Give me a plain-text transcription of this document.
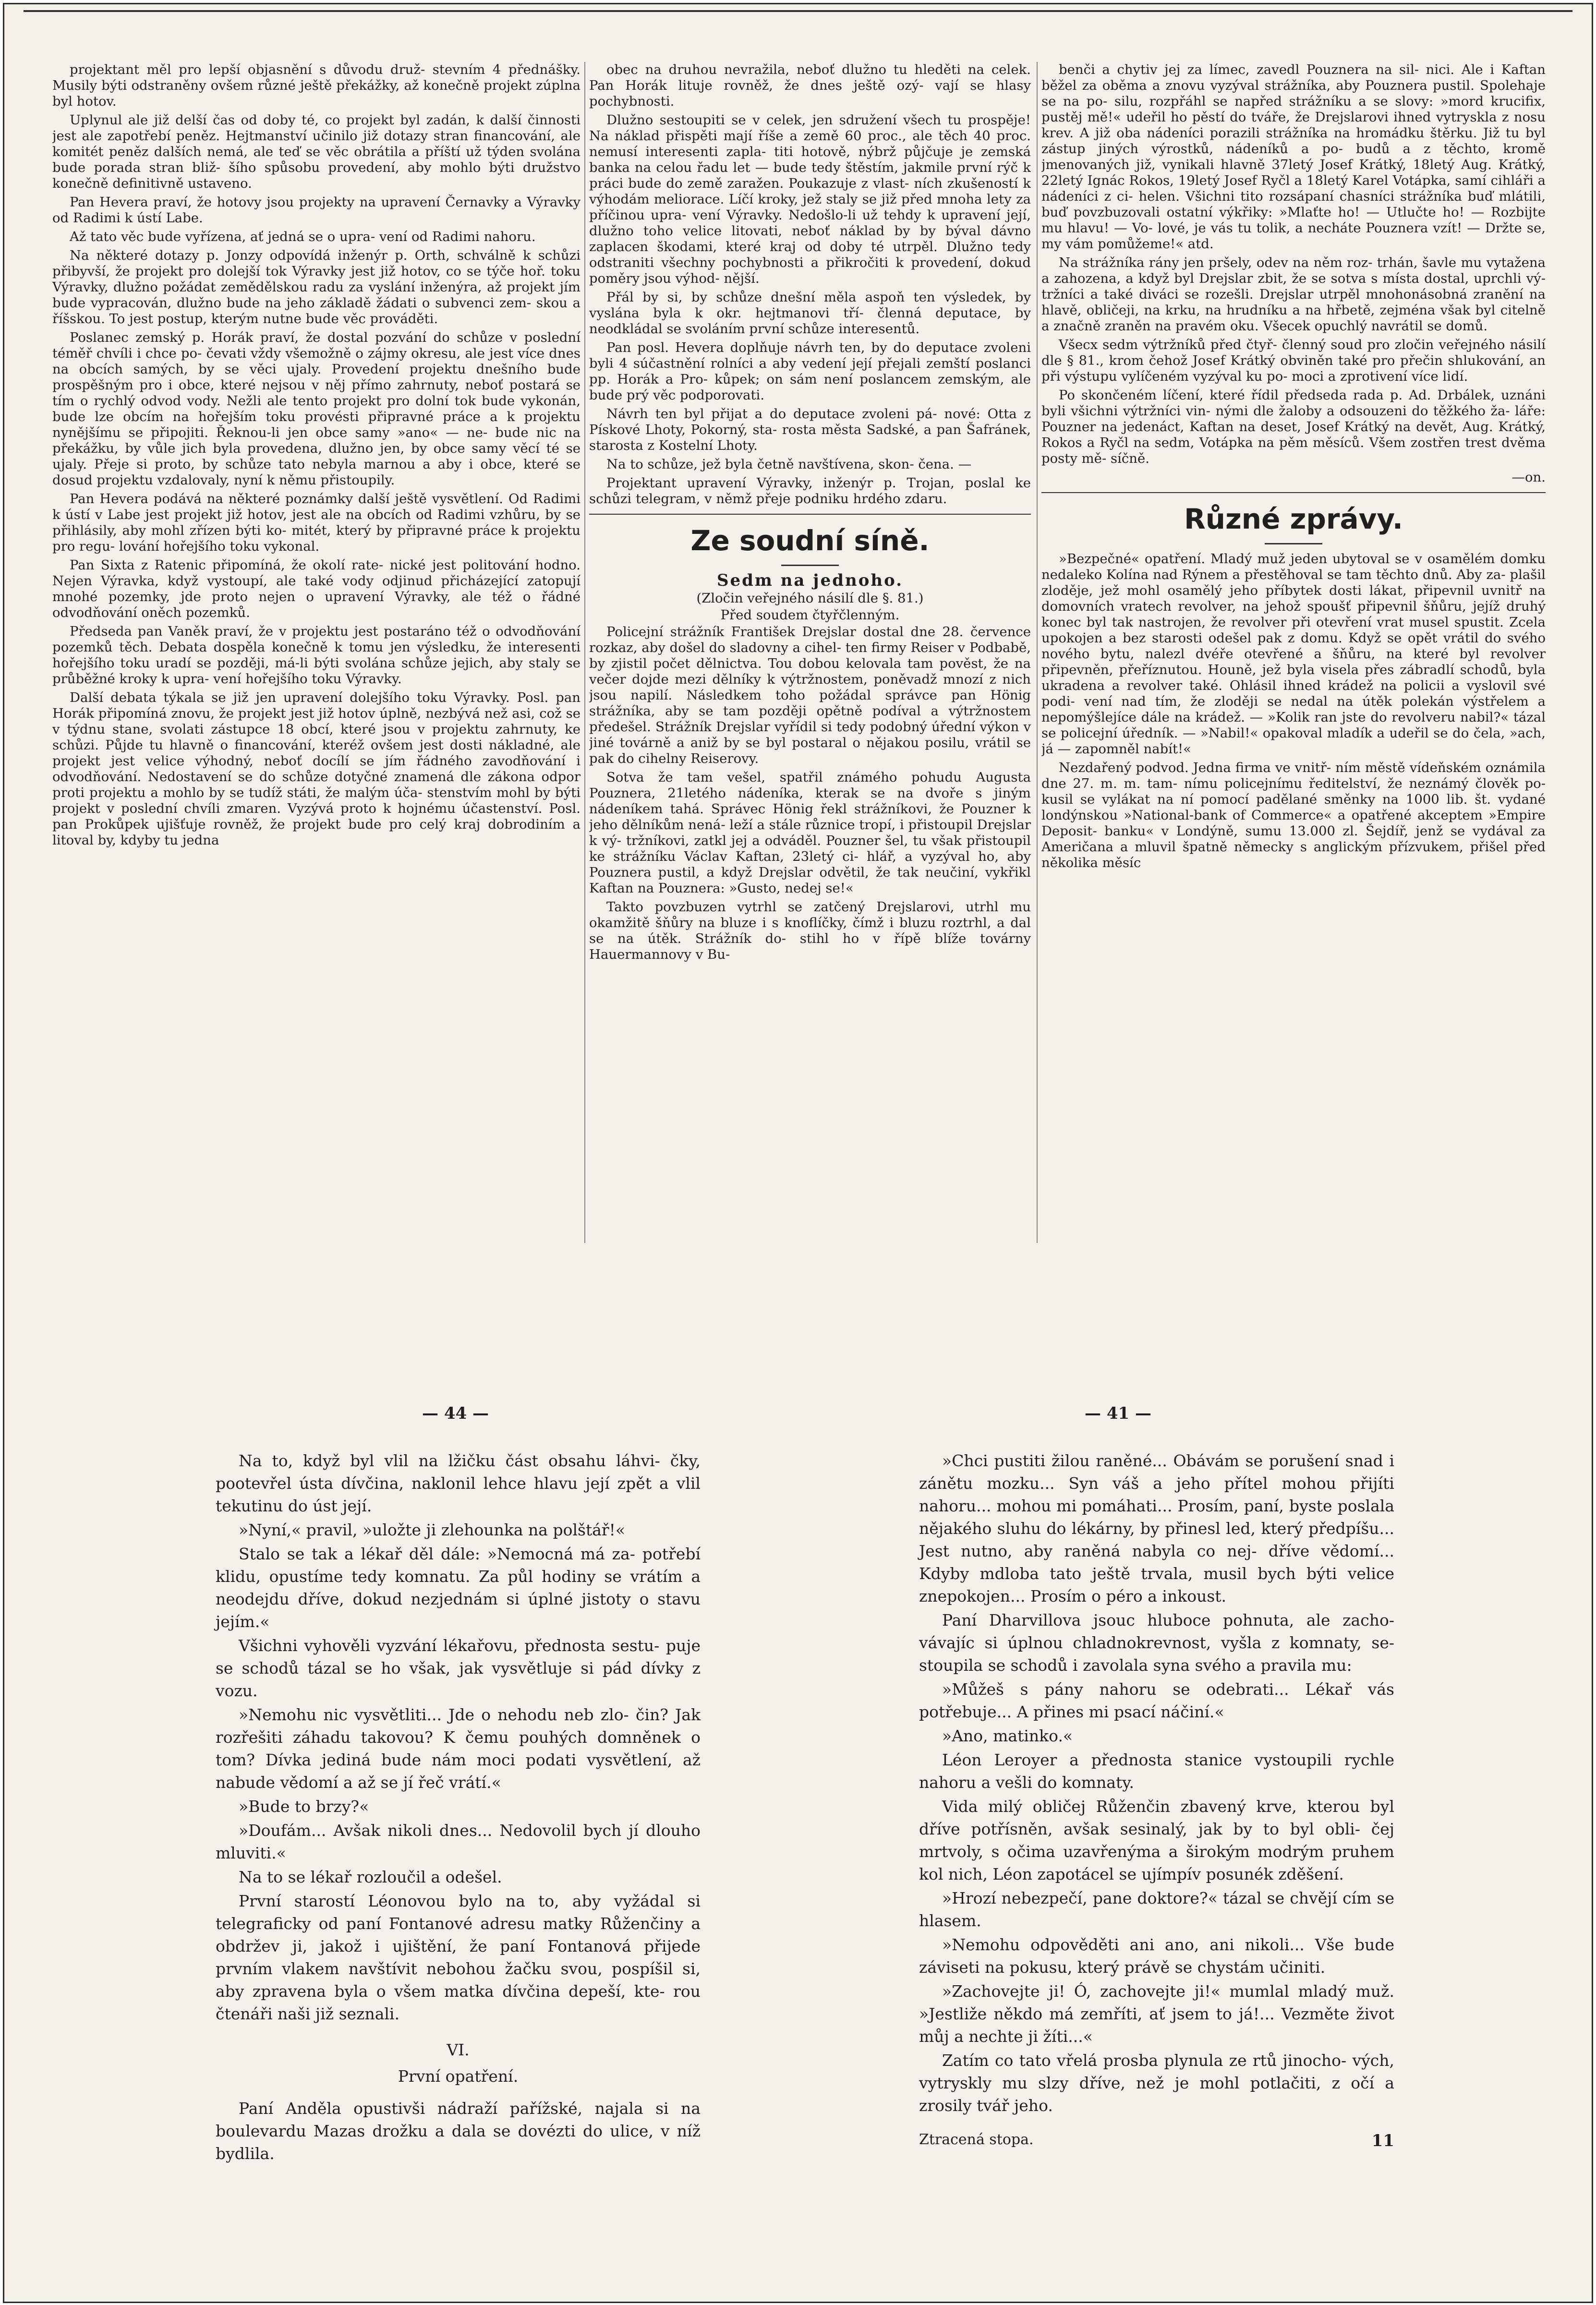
projektant měl pro lepší objasnění s důvodu druž- stevním 4 přednášky. Musily býti odstraněny ovšem různé ještě překážky, až konečně projekt zúplna byl hotov.

Uplynul ale již delší čas od doby té, co projekt byl zadán, k další činnosti jest ale zapotřebí peněz. Hejtmanství učinilo již dotazy stran financování, ale komitét peněz dalších nemá, ale teď se věc obrátila a příští už týden svolána bude porada stran bliž- šího spůsobu provedení, aby mohlo býti družstvo konečně definitivně ustaveno.

Pan Hevera praví, že hotovy jsou projekty na upravení Černavky a Výravky od Radimi k ústí Labe.

Až tato věc bude vyřízena, ať jedná se o upra- vení od Radimi nahoru.

Na některé dotazy p. Jonzy odpovídá inženýr p. Orth, schválně k schůzi přibyvší, že projekt pro dolejší tok Výravky jest již hotov, co se týče hoř. toku Výravky, dlužno požádat zemědělskou radu za vyslání inženýra, až projekt jím bude vypracován, dlužno bude na jeho základě žádati o subvenci zem- skou a říšskou. To jest postup, kterým nutne bude věc prováděti.

Poslanec zemský p. Horák praví, že dostal pozvání do schůze v poslední téměř chvíli i chce po- čevati vždy všemožně o zájmy okresu, ale jest více dnes na obcích samých, by se věci ujaly. Provedení projektu dnešního bude prospěšným pro i obce, které nejsou v něj přímo zahrnuty, neboť postará se tím o rychlý odvod vody. Nežli ale tento projekt pro dolní tok bude vykonán, bude lze obcím na hořejším toku provésti připravné práce a k projektu nynějšímu se připojiti. Řeknou-li jen obce samy »ano« — ne- bude nic na překážku, by vůle jich byla provedena, dlužno jen, by obce samy věcí té se ujaly. Přeje si proto, by schůze tato nebyla marnou a aby i obce, které se dosud projektu vzdalovaly, nyní k němu přistoupily.

Pan Hevera podává na některé poznámky další ještě vysvětlení. Od Radimi k ústí v Labe jest projekt již hotov, jest ale na obcích od Radimi vzhůru, by se přihlásily, aby mohl zřízen býti ko- mitét, který by připravné práce k projektu pro regu- lování hořejšího toku vykonal.

Pan Sixta z Ratenic připomíná, že okolí rate- nické jest politování hodno. Nejen Výravka, když vystoupí, ale také vody odjinud přicházející zatopují mnohé pozemky, jde proto nejen o upravení Výravky, ale též o řádné odvodňování oněch pozemků.

Předseda pan Vaněk praví, že v projektu jest postaráno též o odvodňování pozemků těch. Debata dospěla konečně k tomu jen výsledku, že interesenti hořejšího toku uradí se později, má-li býti svolána schůze jejich, aby staly se průběžné kroky k upra- vení hořejšího toku Výravky.

Další debata týkala se již jen upravení dolejšího toku Výravky. Posl. pan Horák připomíná znovu, že projekt jest již hotov úplně, nezbývá než asi, což se v týdnu stane, svolati zástupce 18 obcí, které jsou v projektu zahrnuty, ke schůzi. Půjde tu hlavně o financování, kteréž ovšem jest dosti nákladné, ale projekt jest velice výhodný, neboť docílí se jím řádného zavodňování i odvodňování. Nedostavení se do schůze dotyčné znamená dle zákona odpor proti projektu a mohlo by se tudíž státi, že malým úča- stenstvím mohl by býti projekt v poslední chvíli zmaren. Vyzývá proto k hojnému účastenství. Posl. pan Prokůpek ujišťuje rovněž, že projekt bude pro celý kraj dobrodiním a litoval by, kdyby tu jedna

obec na druhou nevražila, neboť dlužno tu hleděti na celek. Pan Horák lituje rovněž, že dnes ještě ozý- vají se hlasy pochybnosti.

Dlužno sestoupiti se v celek, jen sdružení všech tu prospěje! Na náklad přispěti mají říše a země 60 proc., ale těch 40 proc. nemusí interesenti zapla- titi hotově, nýbrž půjčuje je zemská banka na celou řadu let — bude tedy štěstím, jakmile první rýč k práci bude do země zaražen. Poukazuje z vlast- ních zkušeností k výhodám meliorace. Líčí kroky, jež staly se již před mnoha lety za příčinou upra- vení Výravky. Nedošlo-li už tehdy k upravení její, dlužno toho velice litovati, neboť náklad by by býval dávno zaplacen škodami, které kraj od doby té utrpěl. Dlužno tedy odstraniti všechny pochybnosti a přikročiti k provedení, dokud poměry jsou výhod- nější.

Přál by si, by schůze dnešní měla aspoň ten výsledek, by vyslána byla k okr. hejtmanovi tří- členná deputace, by neodkládal se svoláním první schůze interesentů.

Pan posl. Hevera doplňuje návrh ten, by do deputace zvoleni byli 4 súčastnění rolníci a aby vedení její přejali zemští poslanci pp. Horák a Pro- kůpek; on sám není poslancem zemským, ale bude prý věc podporovati.

Návrh ten byl přijat a do deputace zvoleni pá- nové: Otta z Pískové Lhoty, Pokorný, sta- rosta města Sadské, a pan Šafránek, starosta z Kostelní Lhoty.

Na to schůze, jež byla četně navštívena, skon- čena. —

Projektant upravení Výravky, inženýr p. Trojan, poslal ke schůzi telegram, v němž přeje podniku hrdého zdaru.

Ze soudní síně.
Sedm na jednoho.
(Zločin veřejného násilí dle §. 81.)
Před soudem čtyřčlenným.

Policejní strážník František Drejslar dostal dne 28. července rozkaz, aby došel do sladovny a cihel- ten firmy Reiser v Podbabě, by zjistil počet dělnictva. Tou dobou kelovala tam pověst, že na večer dojde mezi dělníky k výtržnostem, poněvadž mnozí z nich jsou napilí. Následkem toho požádal správce pan Hönig strážníka, aby se tam později opětně podíval a výtržnostem předešel. Strážník Drejslar vyřídil si tedy podobný úřední výkon v jiné továrně a aniž by se byl postaral o nějakou posilu, vrátil se pak do cihelny Reiserovy.

Sotva že tam vešel, spatřil známého pohudu Augusta Pouznera, 21letého nádeníka, kterak se na dvoře s jiným nádeníkem tahá. Správec Hönig řekl strážníkovi, že Pouzner k jeho dělníkům nená- leží a stále různice tropí, i přistoupil Drejslar k vý- tržníkovi, zatkl jej a odváděl. Pouzner šel, tu však přistoupil ke strážníku Václav Kaftan, 23letý ci- hlář, a vyzýval ho, aby Pouznera pustil, a když Drejslar odvětil, že tak neučiní, vykřikl Kaftan na Pouznera: »Gusto, nedej se!«

Takto povzbuzen vytrhl se zatčený Drejslarovi, utrhl mu okamžitě šňůry na bluze i s knoflíčky, čímž i bluzu roztrhl, a dal se na útěk. Strážník do- stihl ho v řípě blíže továrny Hauermannovy v Bu-

benči a chytiv jej za límec, zavedl Pouznera na sil- nici. Ale i Kaftan běžel za oběma a znovu vyzýval strážníka, aby Pouznera pustil. Spolehaje se na po- silu, rozpřáhl se napřed strážníku a se slovy: »mord krucifix, pustěj mě!« udeřil ho pěstí do tváře, že Drejslarovi ihned vytryskla z nosu krev. A již oba nádeníci porazili strážníka na hromádku štěrku. Již tu byl zástup jiných výrostků, nádeníků a po- budů a z těchto, kromě jmenovaných již, vynikali hlavně 37letý Josef Krátký, 18letý Aug. Krátký, 22letý Ignác Rokos, 19letý Josef Ryčl a 18letý Karel Votápka, samí cihláři a nádeníci z ci- helen. Všichni tito rozsápaní chasníci strážníka buď mlátili, buď povzbuzovali ostatní výkřiky: »Mlaťte ho! — Utlučte ho! — Rozbijte mu hlavu! — Vo- lové, je vás tu tolik, a necháte Pouznera vzít! — Držte se, my vám pomůžeme!« atd.

Na strážníka rány jen pršely, odev na něm roz- trhán, šavle mu vytažena a zahozena, a když byl Drejslar zbit, že se sotva s místa dostal, uprchli vý- tržníci a také diváci se rozešli. Drejslar utrpěl mnohonásobná zranění na hlavě, obličeji, na krku, na hrudníku a na hřbetě, zejména však byl citelně a značně zraněn na pravém oku. Všecek opuchlý navrátil se domů.

Všecx sedm výtržníků před čtyř- členný soud pro zločin veřejného násilí dle § 81., krom čehož Josef Krátký obviněn také pro přečin shlukování, an při výstupu vylíčeném vyzýval ku po- moci a zprotivení více lidí.

Po skončeném líčení, které řídil předseda rada p. Ad. Drbálek, uznáni byli všichni výtržníci vin- nými dle žaloby a odsouzeni do těžkého ža- láře: Pouzner na jedenáct, Kaftan na deset, Josef Krátký na devět, Aug. Krátký, Rokos a Ryčl na sedm, Votápka na pěm měsíců. Všem zostřen trest dvěma posty mě- síčně.

—on.
Různé zprávy.

»Bezpečné« opatření. Mladý muž jeden ubytoval se v osamělém domku nedaleko Kolína nad Rýnem a přestěhoval se tam těchto dnů. Aby za- plašil zloděje, jež mohl osamělý jeho příbytek dosti lákat, připevnil uvnitř na domovních vratech revolver, na jehož spoušť připevnil šňůru, jejíž druhý konec byl tak nastrojen, že revolver při otevření vrat musel spustit. Zcela upokojen a bez starosti odešel pak z domu. Když se opět vrátil do svého nového bytu, nalezl dvéře otevřené a šňůru, na které byl revolver připevněn, přeříznutou. Houně, jež byla visela přes zábradlí schodů, byla ukradena a revolver také. Ohlásil ihned krádež na policii a vyslovil své podi- vení nad tím, že zloději se nedal na útěk polekán výstřelem a nepomýšlejíce dále na krádež. — »Kolik ran jste do revolveru nabil?« tázal se policejní úředník. — »Nabil!« opakoval mladík a udeřil se do čela, »ach, já — zapomněl nabít!«

Nezdařený podvod. Jedna firma ve vnitř- ním městě vídeňském oznámila dne 27. m. m. tam- nímu policejnímu ředitelství, že neznámý člověk po- kusil se vylákat na ní pomocí padělané směnky na 1000 lib. št. vydané londýnskou »National-bank of Commerce« a opatřené akceptem »Empire Deposit- banku« v Londýně, sumu 13.000 zl. Šejdíř, jenž se vydával za Američana a mluvil špatně německy s anglickým přízvukem, přišel před několika měsíc

— 44 —	— 41 —

Na to, když byl vlil na lžičku část obsahu láhvi- čky, pootevřel ústa dívčina, naklonil lehce hlavu její zpět a vlil tekutinu do úst její.

»Nyní,« pravil, »uložte ji zlehounka na polštář!«

Stalo se tak a lékař děl dále: »Nemocná má za- potřebí klidu, opustíme tedy komnatu. Za půl hodiny se vrátím a neodejdu dříve, dokud nezjednám si úplné jistoty o stavu jejím.«

Všichni vyhověli vyzvání lékařovu, přednosta sestu- puje se schodů tázal se ho však, jak vysvětluje si pád dívky z vozu.

»Nemohu nic vysvětliti... Jde o nehodu neb zlo- čin? Jak rozřešiti záhadu takovou? K čemu pouhých domněnek o tom? Dívka jediná bude nám moci podati vysvětlení, až nabude vědomí a až se jí řeč vrátí.«

»Bude to brzy?«

»Doufám... Avšak nikoli dnes... Nedovolil bych jí dlouho mluviti.«

Na to se lékař rozloučil a odešel.

První starostí Léonovou bylo na to, aby vyžádal si telegraficky od paní Fontanové adresu matky Růženčiny a obdržev ji, jakož i ujištění, že paní Fontanová přijede prvním vlakem navštívit nebohou žačku svou, pospíšil si, aby zpravena byla o všem matka dívčina depeší, kte- rou čtenáři naši již seznali.

VI.
První opatření.

Paní Anděla opustivši nádraží pařížské, najala si na boulevardu Mazas drožku a dala se dovézti do ulice, v níž bydlila.

»Chci pustiti žilou raněné... Obávám se porušení snad i zánětu mozku... Syn váš a jeho přítel mohou přijíti nahoru... mohou mi pomáhati... Prosím, paní, byste poslala nějakého sluhu do lékárny, by přinesl led, který předpíšu... Jest nutno, aby raněná nabyla co nej- dříve vědomí... Kdyby mdloba tato ještě trvala, musil bych býti velice znepokojen... Prosím o péro a inkoust.

Paní Dharvillova jsouc hluboce pohnuta, ale zacho- vávajíc si úplnou chladnokrevnost, vyšla z komnaty, se- stoupila se schodů i zavolala syna svého a pravila mu:

»Můžeš s pány nahoru se odebrati... Lékař vás potřebuje... A přines mi psací náčiní.«

»Ano, matinko.«

Léon Leroyer a přednosta stanice vystoupili rychle nahoru a vešli do komnaty.

Vida milý obličej Růženčin zbavený krve, kterou byl dříve potřísněn, avšak sesinalý, jak by to byl obli- čej mrtvoly, s očima uzavřenýma a širokým modrým pruhem kol nich, Léon zapotácel se ujímpív posunék zděšení.

»Hrozí nebezpečí, pane doktore?« tázal se chvějí cím se hlasem.

»Nemohu odpověděti ani ano, ani nikoli... Vše bude záviseti na pokusu, který právě se chystám učiniti.

»Zachovejte ji! Ó, zachovejte ji!« mumlal mladý muž. »Jestliže někdo má zemříti, ať jsem to já!... Vezměte život můj a nechte ji žíti...«

Zatím co tato vřelá prosba plynula ze rtů jinocho- vých, vytryskly mu slzy dříve, než je mohl potlačiti, z očí a zrosily tvář jeho.

Ztracená stopa.	11
